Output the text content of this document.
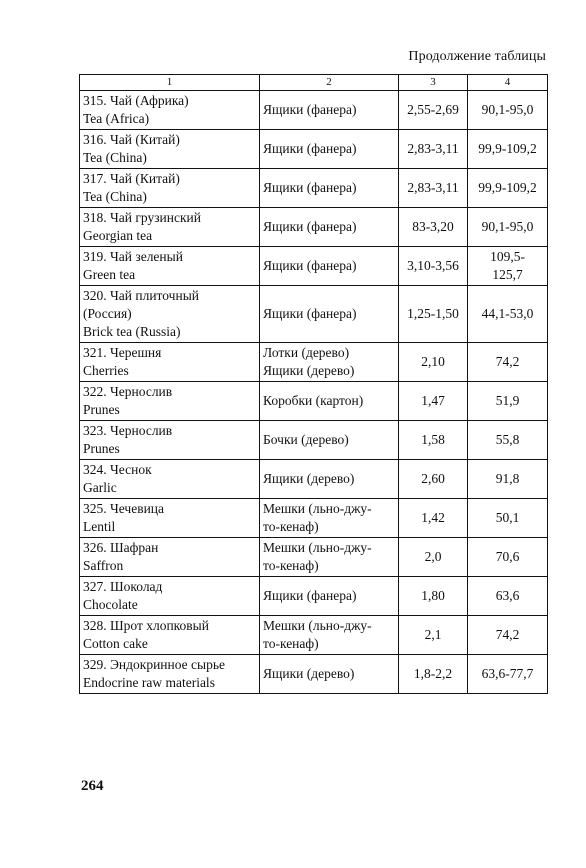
Продолжение таблицы
1	2	3	4

315. Чай (Африка)
Tea (Africa)	Ящики (фанера)	2,55-2,69	90,1-95,0

316. Чай (Китай)
Tea (China)	Ящики (фанера)	2,83-3,11	99,9-109,2

317. Чай (Китай)
Tea (China)	Ящики (фанера)	2,83-3,11	99,9-109,2

318. Чай грузинский
Georgian tea	Ящики (фанера)	83-3,20	90,1-95,0

319. Чай зеленый
Green tea	Ящики (фанера)	3,10-3,56	109,5-
125,7

320. Чай плиточный
(Россия)
Brick tea (Russia)	Ящики (фанера)	1,25-1,50	44,1-53,0

321. Черешня
Cherries	Лотки (дерево)
Ящики (дерево)	2,10	74,2

322. Чернослив
Prunes	Коробки (картон)	1,47	51,9

323. Чернослив
Prunes	Бочки (дерево)	1,58	55,8

324. Чеснок
Garlic	Ящики (дерево)	2,60	91,8

325. Чечевица
Lentil	Мешки (льно-джу-
то-кенаф)	1,42	50,1

326. Шафран
Saffron	Мешки (льно-джу-
то-кенаф)	2,0	70,6

327. Шоколад
Chocolate	Ящики (фанера)	1,80	63,6

328. Шрот хлопковый
Cotton cake	Мешки (льно-джу-
то-кенаф)	2,1	74,2

329. Эндокринное сырье
Endocrine raw materials	Ящики (дерево)	1,8-2,2	63,6-77,7
264
